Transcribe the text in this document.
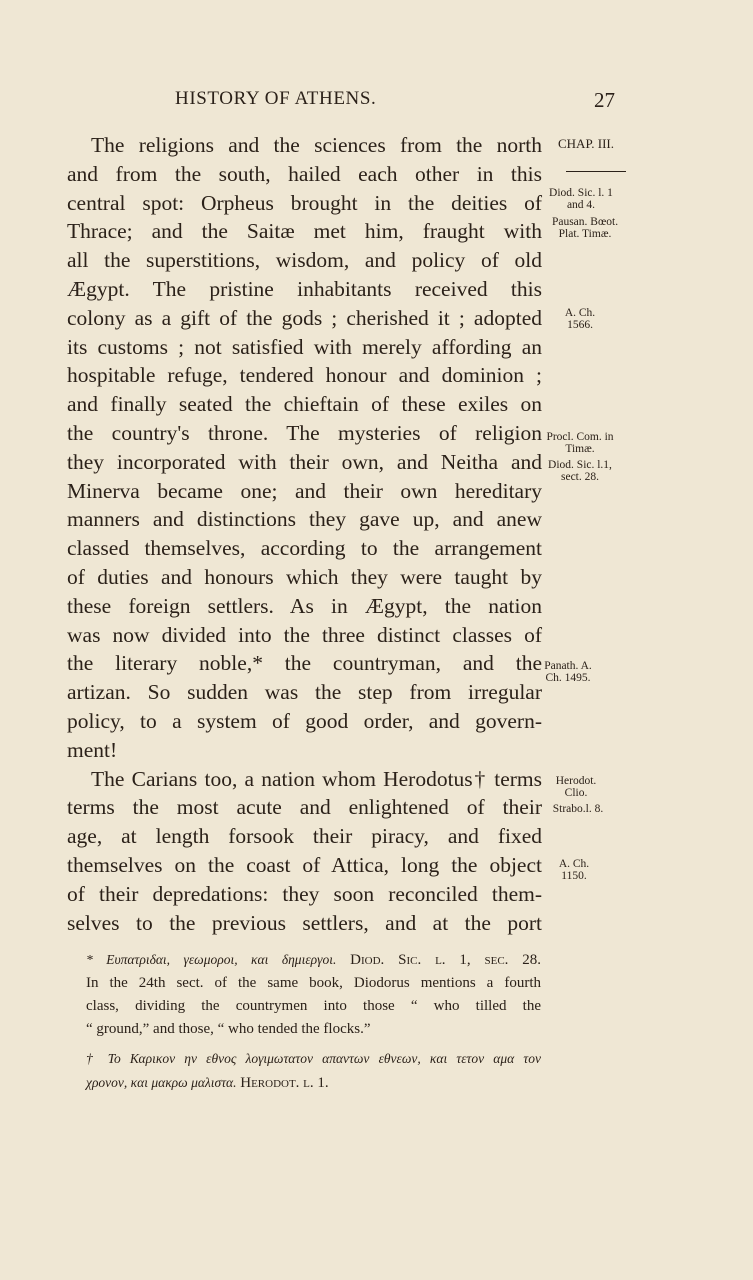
HISTORY OF ATHENS.	27
The religions and the sciences from the north
and from the south, hailed each other in this
central spot: Orpheus brought in the deities of
Thrace; and the Saitæ met him, fraught with
all the superstitions, wisdom, and policy of old
Ægypt. The pristine inhabitants received this
colony as a gift of the gods ; cherished it ; adopted
its customs ; not satisfied with merely affording an
hospitable refuge, tendered honour and dominion ;
and finally seated the chieftain of these exiles on
the country's throne. The mysteries of religion
they incorporated with their own, and Neitha and
Minerva became one; and their own hereditary
manners and distinctions they gave up, and anew
classed themselves, according to the arrangement
of duties and honours which they were taught by
these foreign settlers. As in Ægypt, the nation
was now divided into the three distinct classes of
the literary noble,* the countryman, and the
artizan. So sudden was the step from irregular
policy, to a system of good order, and govern-
ment!
The Carians too, a nation whom Herodotus† terms
terms the most acute and enlightened of their
age, at length forsook their piracy, and fixed
themselves on the coast of Attica, long the object
of their depredations: they soon reconciled them-
selves to the previous settlers, and at the port
CHAP. III.
Diod. Sic. l. 1 and 4.
Pausan. Bœot. Plat. Timæ.
A. Ch. 1566.
Procl. Com. in Timæ.
Diod. Sic. l.1, sect. 28.
Panath. A. Ch. 1495.
Herodot. Clio.
Strabo.l. 8.
A. Ch. 1150.
* Ευπατριδαι, γεωμοροι, και δημιεργοι. Diod. Sic. l. 1, sec. 28.
In the 24th sect. of the same book, Diodorus mentions a fourth
class, dividing the countrymen into those “ who tilled the
“ ground,” and those, “ who tended the flocks.”
† Το Καρικον ην εθνος λογιμωτατον απαντων εθνεων, και τετον αμα τον
χρονον, και μακρω μαλιστα. Herodot. l. 1.
